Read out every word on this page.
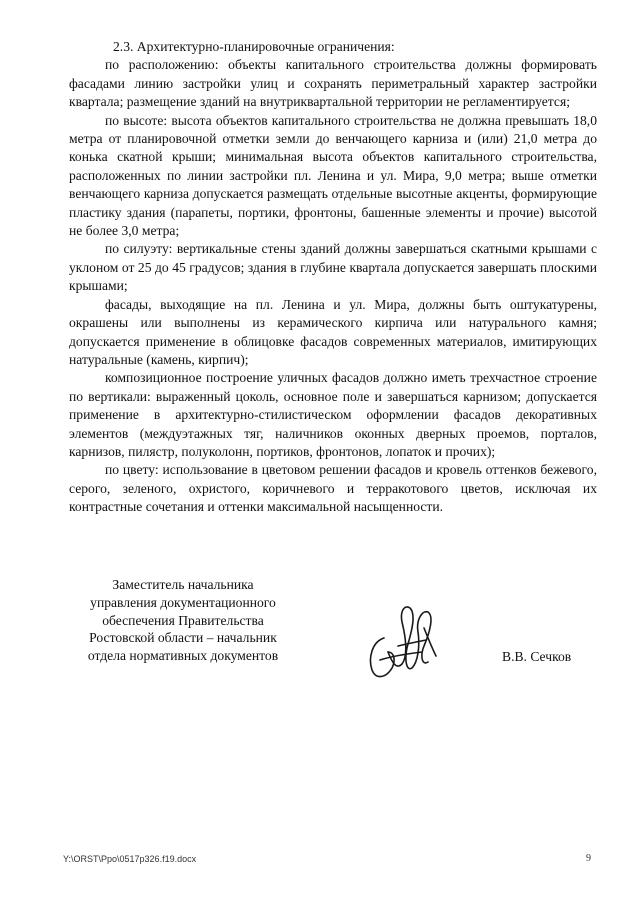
2.3. Архитектурно-планировочные ограничения:

по расположению: объекты капитального строительства должны формировать фасадами линию застройки улиц и сохранять периметральный характер застройки квартала; размещение зданий на внутриквартальной территории не регламентируется;

по высоте: высота объектов капитального строительства не должна превышать 18,0 метра от планировочной отметки земли до венчающего карниза и (или) 21,0 метра до конька скатной крыши; минимальная высота объектов капитального строительства, расположенных по линии застройки пл. Ленина и ул. Мира, 9,0 метра; выше отметки венчающего карниза допускается размещать отдельные высотные акценты, формирующие пластику здания (парапеты, портики, фронтоны, башенные элементы и прочие) высотой не более 3,0 метра;

по силуэту: вертикальные стены зданий должны завершаться скатными крышами с уклоном от 25 до 45 градусов; здания в глубине квартала допускается завершать плоскими крышами;

фасады, выходящие на пл. Ленина и ул. Мира, должны быть оштукатурены, окрашены или выполнены из керамического кирпича или натурального камня; допускается применение в облицовке фасадов современных материалов, имитирующих натуральные (камень, кирпич);

композиционное построение уличных фасадов должно иметь трехчастное строение по вертикали: выраженный цоколь, основное поле и завершаться карнизом; допускается применение в архитектурно-стилистическом оформлении фасадов декоративных элементов (междуэтажных тяг, наличников оконных дверных проемов, порталов, карнизов, пилястр, полуколонн, портиков, фронтонов, лопаток и прочих);

по цвету: использование в цветовом решении фасадов и кровель оттенков бежевого, серого, зеленого, охристого, коричневого и терракотового цветов, исключая их контрастные сочетания и оттенки максимальной насыщенности.

Заместитель начальника
управления документационного
обеспечения Правительства
Ростовской области – начальник
отдела нормативных документов	В.В. Сечков
Y:\ORST\Ppo\0517p326.f19.docx	9
